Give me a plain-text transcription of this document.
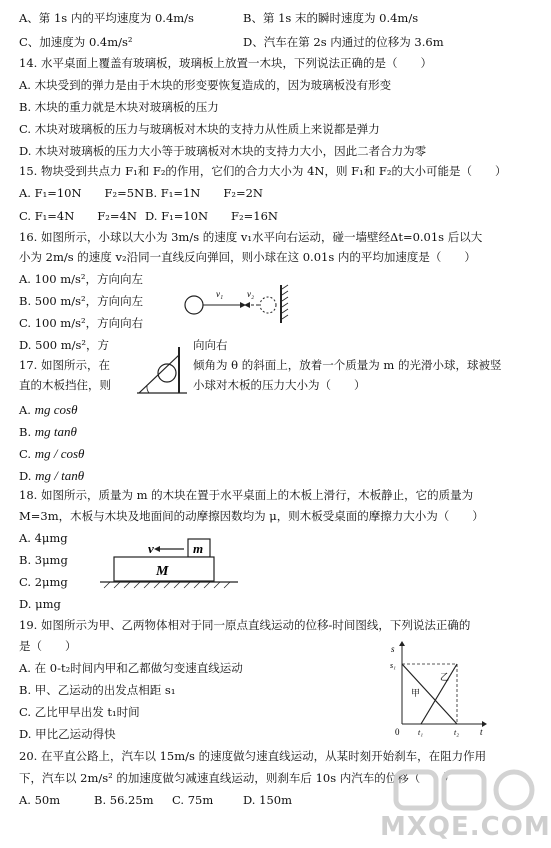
A、第 1s 内的平均速度为 0.4m/s	B、第 1s 末的瞬时速度为 0.4m/s
C、加速度为 0.4m/s²	D、汽车在第 2s 内通过的位移为 3.6m
14. 水平桌面上覆盖有玻璃板，玻璃板上放置一木块，下列说法正确的是（　　）
A. 木块受到的弹力是由于木块的形变要恢复造成的，因为玻璃板没有形变
B. 木块的重力就是木块对玻璃板的压力
C. 木块对玻璃板的压力与玻璃板对木块的支持力从性质上来说都是弹力
D. 木块对玻璃板的压力大小等于玻璃板对木块的支持力大小，因此二者合力为零
15. 物块受到共点力 F₁和 F₂的作用，它们的合力大小为 4N，则 F₁和 F₂的大小可能是（　　）
A. F₁=10N　　F₂=5N B. F₁=1N　　F₂=2N
C. F₁=4N　　F₂=4N D. F₁=10N　　F₂=16N
16. 如图所示，小球以大小为 3m/s 的速度 v₁水平向右运动，碰一墙壁经Δt=0.01s 后以大
小为 2m/s 的速度 v₂沿同一直线反向弹回，则小球在这 0.01s 内的平均加速度是（　　）
A. 100 m/s²，方向向左
B. 500 m/s²，方向向左
C. 100 m/s²，方向向右
D. 500 m/s²，方	向向右
v₁	v₂
17. 如图所示，在	倾角为 θ 的斜面上，放着一个质量为 m 的光滑小球，球被竖
直的木板挡住，则	小球对木板的压力大小为（　　）
A. mg cosθ
B. mg tanθ
C. mg / cosθ
D. mg / tanθ
18. 如图所示，质量为 m 的木块在置于水平桌面上的木板上滑行，木板静止，它的质量为
M=3m，木板与木块及地面间的动摩擦因数均为 μ，则木板受桌面的摩擦力大小为（　　）
A. 4μmg
B. 3μmg
C. 2μmg
D. μmg
v	m
M
19. 如图所示为甲、乙两物体相对于同一原点直线运动的位移-时间图线，下列说法正确的
是（　　）
A. 在 0-t₂时间内甲和乙都做匀变速直线运动
B. 甲、乙运动的出发点相距 s₁
C. 乙比甲早出发 t₁时间
D. 甲比乙运动得快
s
s₁
t
0 t₁	t₂
甲
乙
20. 在平直公路上，汽车以 15m/s 的速度做匀速直线运动，从某时刻开始刹车，在阻力作用
下，汽车以 2m/s² 的加速度做匀减速直线运动，则刹车后 10s 内汽车的位移（　　）
A. 50m	B. 56.25m C. 75m	D. 150m
MXQE.COM
